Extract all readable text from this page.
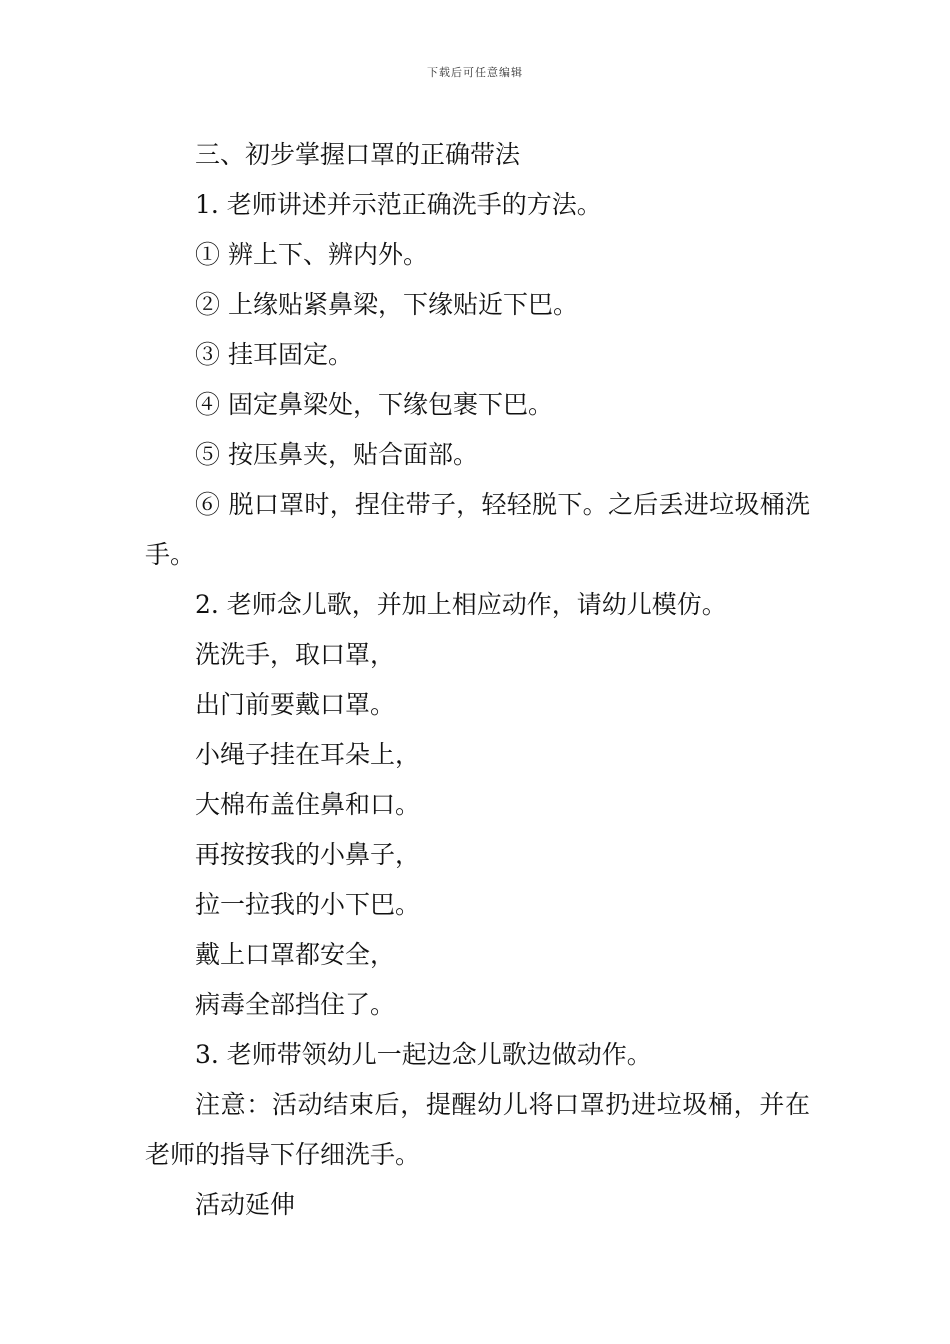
下载后可任意编辑

三、初步掌握口罩的正确带法

1. 老师讲述并示范正确洗手的方法。

① 辨上下、辨内外。

② 上缘贴紧鼻梁，下缘贴近下巴。

③ 挂耳固定。

④ 固定鼻梁处，下缘包裹下巴。

⑤ 按压鼻夹，贴合面部。

⑥ 脱口罩时，捏住带子，轻轻脱下。之后丢进垃圾桶洗手。

2. 老师念儿歌，并加上相应动作，请幼儿模仿。

洗洗手，取口罩，

出门前要戴口罩。

小绳子挂在耳朵上，

大棉布盖住鼻和口。

再按按我的小鼻子，

拉一拉我的小下巴。

戴上口罩都安全，

病毒全部挡住了。

3. 老师带领幼儿一起边念儿歌边做动作。

注意：活动结束后，提醒幼儿将口罩扔进垃圾桶，并在老师的指导下仔细洗手。

活动延伸
